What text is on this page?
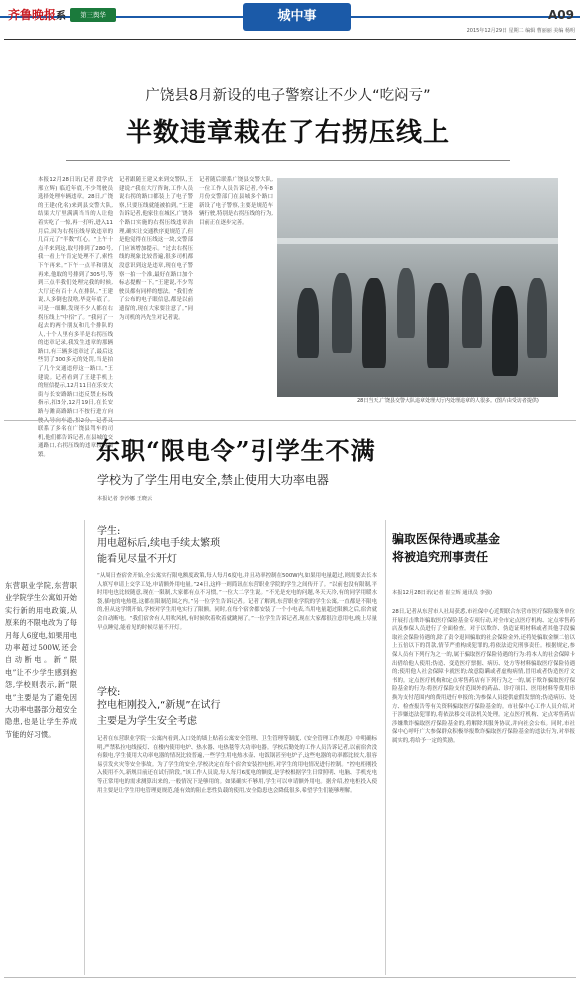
齐鲁晚报系	第三舆华	城中事	A09
2015年12月29日 星期二 编辑 曹丽丽 美编 杨明
广饶县8月新设的电子警察让不少人“吃闷亏”
半数违章栽在了右拐压线上
本报12月28日讯(记者 段学虎 邢立辉) 临近年底,不少驾驶员选择处理车辆违章。28日,广饶的王建(化名)来到县交警大队,结果大厅里满满当当的人让他着实吃了一惊,再一打听,进入11月后,因为右拐压线导致违章的几百元了“半数”红心。“上午十点半来到这,取号排到了280号,我一看上午肯定处理不了,索性下午再来。”下午一点半和朋友再来,他取的号排到了305号,等到三点半我们处理完我的时候,大厅还有百十人在排队。”王建说,人多倒也没啥,毕竟年底了。可是一细聊,发现不少人都在右拐压线上“中招”了。“我问了一起去的两个朋友和几个排队的人,十个人里有多半是右拐压线的违章记录,我发生违章的那辆路口,有三辆多违章过了,最后这些罚了300多元的处罚,当是拍了几个交通违停这一路口。”王建说。记者看到了王建手机上的短信提示,12月11日在乐安大街与长安路路口违反禁止标线指示,扣3分,12月19日,在长安路与潍高路路口不按行进方向 联系了多名在广饶县驾车的司机,他们都告诉记者,在县城的交通路口,右拐压线的违章较为频繁。
记者跟随王建又来到交警队,王建说:“我在大厅咨询,工作人员说右拐的路口都装上了电子警察,只要压线就能被拍到。”王建告诉记者,他家住在城区,广饶各个路口实施的右拐压线违章治理,确实让交通秩序更规范了,但是他觉得在压线这一块,交警部门应该增加提示。“过去右拐压线的现象比较普遍,很多司机都没意识到这是违章,现在电子警察一拍一个准,最好在路口加个标志提醒一下。”王建说,不少驾驶员都有同样的想法。“我们查了公布的电子眼信息,都是以前遗留的,现在大家要注意了。”同为司机的冯先生对记者说。
记者随后联系广饶县交警大队,一位工作人员告诉记者,今年8月份交警部门在县城多个路口新设了电子警察,主要是规范车辆行驶,特别是右拐压线的行为,目前正在逐步完善。
28日当天,广饶县交警大队违章处理大厅内处理违章的人很多。(图片由受访者提供)
东职“限电令”引学生不满
学校为了学生用电安全,禁止使用大功率电器
本报记者 李沙娜 王晓云
东营职业学院,东营职业学院学生公寓如开始实行新的用电政策,从原来的不限电改为了每月每人6度电,如果用电功率超过500W,还会自动断电。新“限电”让不少学生感到抱怨,学校则表示,新“限电”主要是为了避免因大功率电器部分超安全隐患,也是让学生养成节能的好习惯。
学生:
用电超标后,续电手续太繁琐
能看见尽量不开灯
“从周日查宿舍开始,全公寓实行限电额度政策,每人每月6度电,并且功率控制在500W内,如果用电量超过,则需要去长本人填写申请上交学工处,申请额外用电量。”24日,这样一则简讯在东营职业学院的学生之间传开了。“以前也没有限制,平时用电也比较随意,现在一限制,大家都有点不习惯。”一位大二学生说。“不光是充电的问题,冬天天冷,有的同学用暖水袋,插电的电热毯,这都在限制范围之内。”另一位学生告诉记者。记者了解到,东营职业学院的学生公寓,一直都是不限电的,但从这学期开始,学校对学生用电实行了限额。同时,在每个宿舍都安装了一个小电表,当用电量超过限额之后,宿舍就会自动断电。“我们宿舍有人用吹风机,有时候吹着吹着就跳闸了。”一位学生告诉记者,现在大家都很注意用电,晚上尽量早点睡觉,能看见的时候尽量不开灯。
学校:
控电柜刚投入,“新规”在试行
主要是为学生安全考虑
记者在东营职业学院一公寓内看到,入口处的墙上贴着公寓安全管理、卫生管理等制度,《安全管理工作规范》中明确标明,严禁私拉电线接灯、在楼内使用电炉、热水器、电热毯等大功率电器。学校后勤处的工作人员告诉记者,以前宿舍没有限电,学生使用大功率电器的情况比较普遍,一些学生用电热水壶、电饭锅甚至电炉子,这些电器的功率都比较大,很容易引发火灾等安全事故。为了学生的安全,学校决定在每个宿舍安装控电柜,对学生的用电情况进行控制。“控电柜刚投入使用不久,新规目前还在试行阶段。”该工作人员说,每人每月6度电的额度,是学校根据学生日常照明、电脑、手机充电等正常用电的需求测算出来的,一般情况下是够用的。如果确实不够用,学生可以申请额外用电。据介绍,控电柜投入使用主要是让学生用电管理更规范,能有效的阻止恶性负载的使用,安全隐患也会降低很多,希望学生们能够理解。
骗取医保待遇或基金
将被追究刑事责任
本报12月28日讯(记者 崔立辉 通讯员 李强)
28日,记者从东营市人社局获悉,市社保中心近期联合东营市医疗保险服务单位开展打击欺诈骗取医疗保险基金专项行动,对全市定点医疗机构、定点零售药店及参保人员进行了全面检查。对于以欺诈、伪造证明材料或者其他手段骗取社会保险待遇的,除了责令退回骗取的社会保险金外,还将处骗取金额二倍以上五倍以下的罚款,情节严重构成犯罪的,将依法追究刑事责任。根据规定,参保人员有下列行为之一的,属于骗取医疗保险待遇的行为:将本人的社会保障卡出借给他人使用;伪造、变造医疗票据、病历、处方等材料骗取医疗保险待遇的;使用他人社会保障卡就医的;故意隐瞒或者虚构病情,冒用或者伪造医疗文书的。定点医疗机构和定点零售药店有下列行为之一的,属于欺诈骗取医疗保险基金的行为:将医疗保险支付范围外的药品、诊疗项目、医用材料等费用串换为支付范围内的费用进行申报的;为参保人员提供虚假发票的;伪造病历、处方、检查报告等有关资料骗取医疗保险基金的。市社保中心工作人员介绍,对于涉嫌违法犯罪的,将依法移交司法机关处理。定点医疗机构、定点零售药店涉嫌欺诈骗取医疗保险基金的,将解除其服务协议,并向社会公布。同时,市社保中心呼吁广大参保群众积极举报欺诈骗取医疗保险基金的违法行为,对举报属实的,将给予一定的奖励。
